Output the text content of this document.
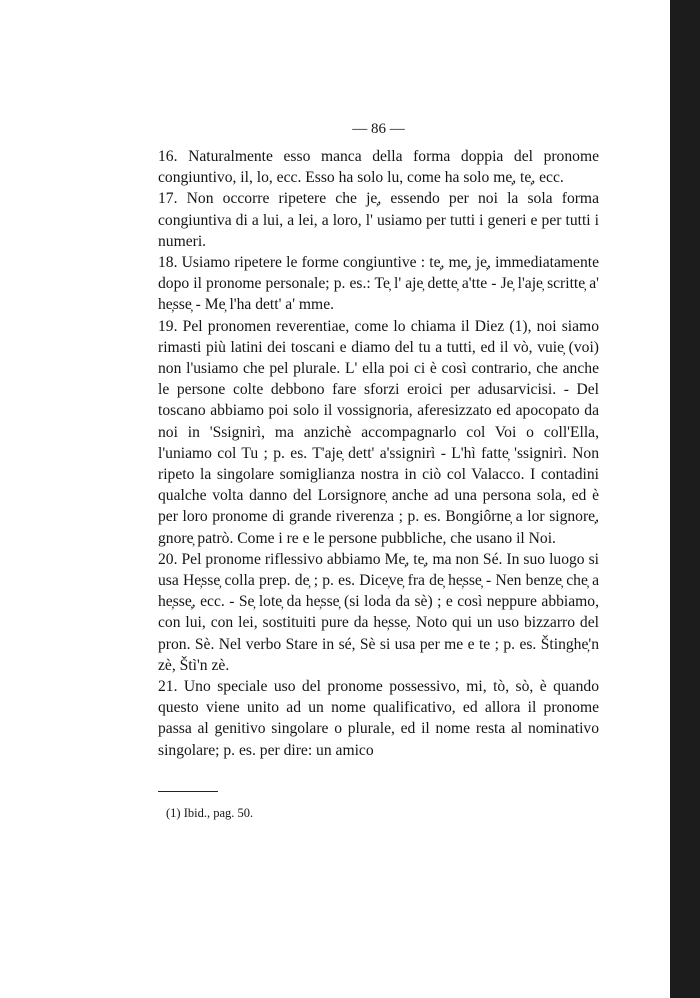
— 86 —

16. Naturalmente esso manca della forma doppia del pronome congiuntivo, il, lo, ecc. Esso ha solo lu, come ha solo me̦, te̦, ecc.

17. Non occorre ripetere che je̦, essendo per noi la sola forma congiuntiva di a lui, a lei, a loro, l' usiamo per tutti i generi e per tutti i numeri.

18. Usiamo ripetere le forme congiuntive : te̦, me̦, je̦, immediatamente dopo il pronome personale; p. es.: Te̦ l' aje̦ dette̦ a'tte - Je̦ l'aje̦ scritte̦ a' he̦sse̦ - Me̦ l'ha dett' a' mme.

19. Pel pronomen reverentiae, come lo chiama il Diez (1), noi siamo rimasti più latini dei toscani e diamo del tu a tutti, ed il vò, vuie̦ (voi) non l'usiamo che pel plurale. L' ella poi ci è così contrario, che anche le persone colte debbono fare sforzi eroici per adusarvicisi. - Del toscano abbiamo poi solo il vossignoria, aferesizzato ed apocopato da noi in 'Ssignirì, ma anzichè accompagnarlo col Voi o coll'Ella, l'uniamo col Tu ; p. es. T'aje̦ dett' a'ssignirì - L'hì fatte̦ 'ssignirì. Non ripeto la singolare somiglianza nostra in ciò col Valacco. I contadini qualche volta danno del Lorsignore̦ anche ad una persona sola, ed è per loro pronome di grande riverenza ; p. es. Bongiôrne̦ a lor signore̦, gnore̦ patrò. Come i re e le persone pubbliche, che usano il Noi.

20. Pel pronome riflessivo abbiamo Me̦, te̦, ma non Sé. In suo luogo si usa He̦sse̦ colla prep. de̦ ; p. es. Dice̦ve̦ fra de̦ he̦sse̦ - Nen benze̦ che̦ a he̦sse̦, ecc. - Se̦ lote̦ da he̦sse̦ (si loda da sè) ; e così neppure abbiamo, con lui, con lei, sostituiti pure da he̦sse̦. Noto qui un uso bizzarro del pron. Sè. Nel verbo Stare in sé, Sè si usa per me e te ; p. es. Štinghe̦'n zè, Štì'n zè.

21. Uno speciale uso del pronome possessivo, mi, tò, sò, è quando questo viene unito ad un nome qualificativo, ed allora il pronome passa al genitivo singolare o plurale, ed il nome resta al nominativo singolare; p. es. per dire: un amico

(1) Ibid., pag. 50.
